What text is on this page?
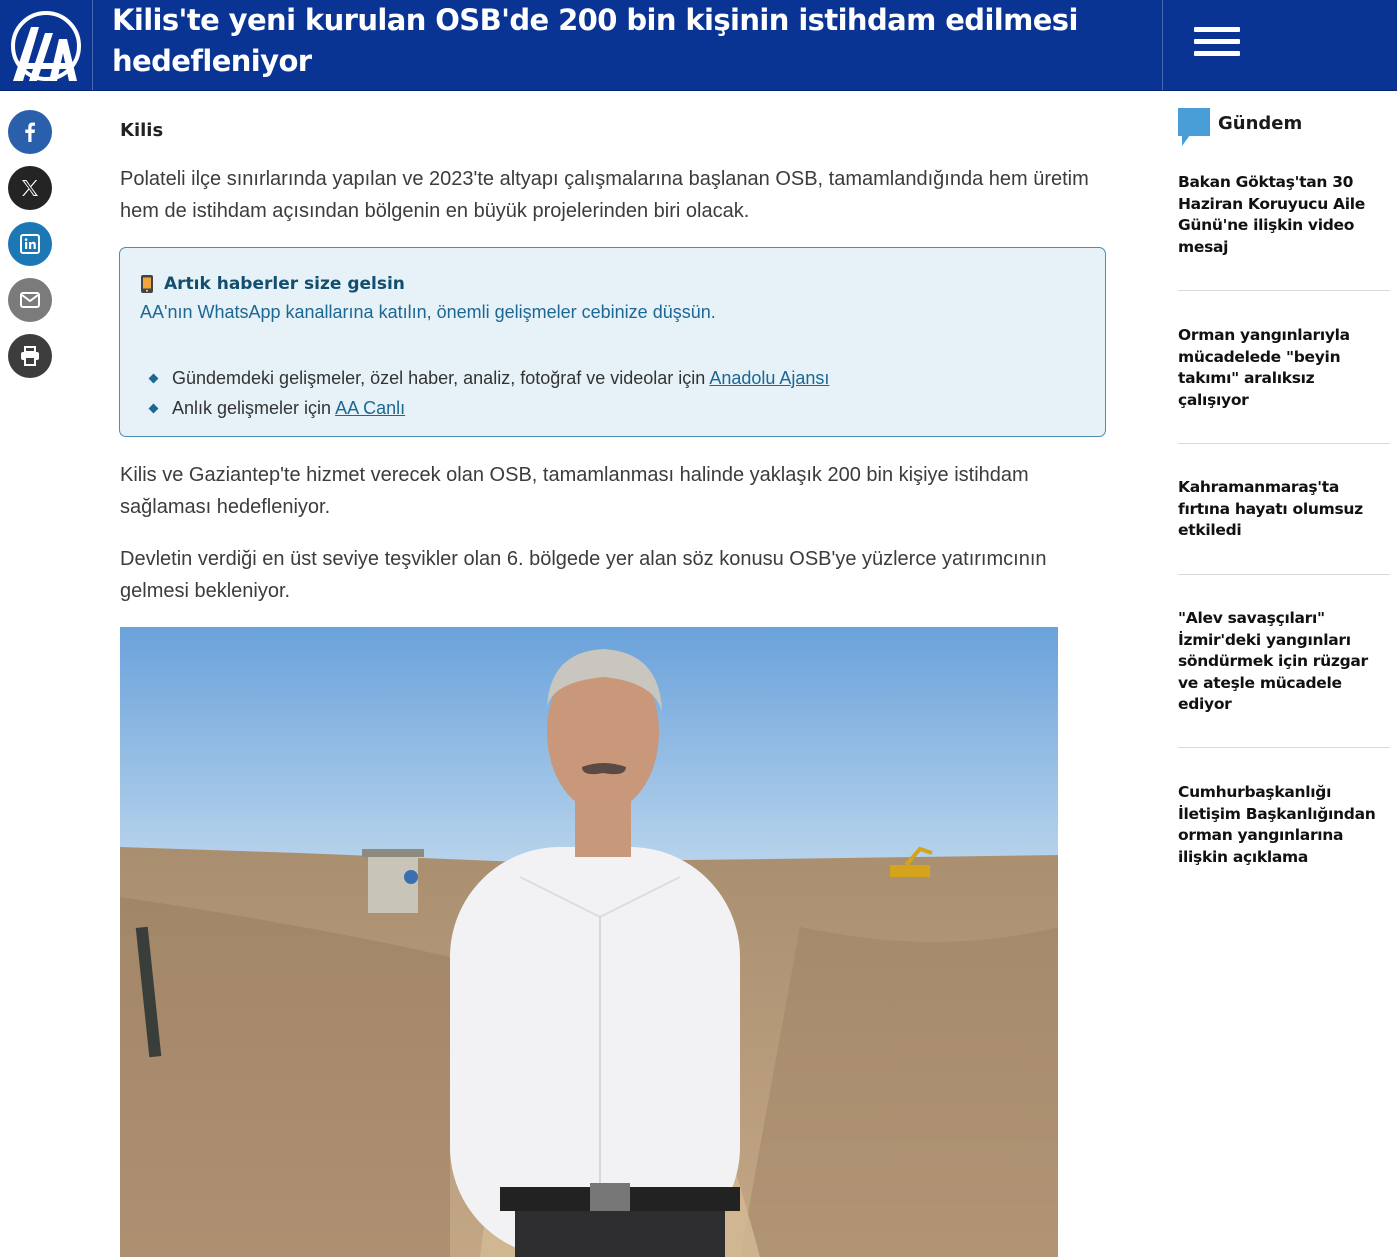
Kilis'te yeni kurulan OSB'de 200 bin kişinin istihdam edilmesi hedefleniyor
Kilis

Polateli ilçe sınırlarında yapılan ve 2023'te altyapı çalışmalarına başlanan OSB, tamamlandığında hem üretim hem de istihdam açısından bölgenin en büyük projelerinden biri olacak.

Artık haberler size gelsin
AA'nın WhatsApp kanallarına katılın, önemli gelişmeler cebinize düşsün.
Gündemdeki gelişmeler, özel haber, analiz, fotoğraf ve videolar için Anadolu Ajansı
Anlık gelişmeler için AA Canlı

Kilis ve Gaziantep'te hizmet verecek olan OSB, tamamlanması halinde yaklaşık 200 bin kişiye istihdam sağlaması hedefleniyor.

Devletin verdiği en üst seviye teşvikler olan 6. bölgede yer alan söz konusu OSB'ye yüzlerce yatırımcının gelmesi bekleniyor.

Gündem
Bakan Göktaş'tan 30 Haziran Koruyucu Aile Günü'ne ilişkin video mesaj
Orman yangınlarıyla mücadelede "beyin takımı" aralıksız çalışıyor
Kahramanmaraş'ta fırtına hayatı olumsuz etkiledi
"Alev savaşçıları" İzmir'deki yangınları söndürmek için rüzgar ve ateşle mücadele ediyor
Cumhurbaşkanlığı İletişim Başkanlığından orman yangınlarına ilişkin açıklama
